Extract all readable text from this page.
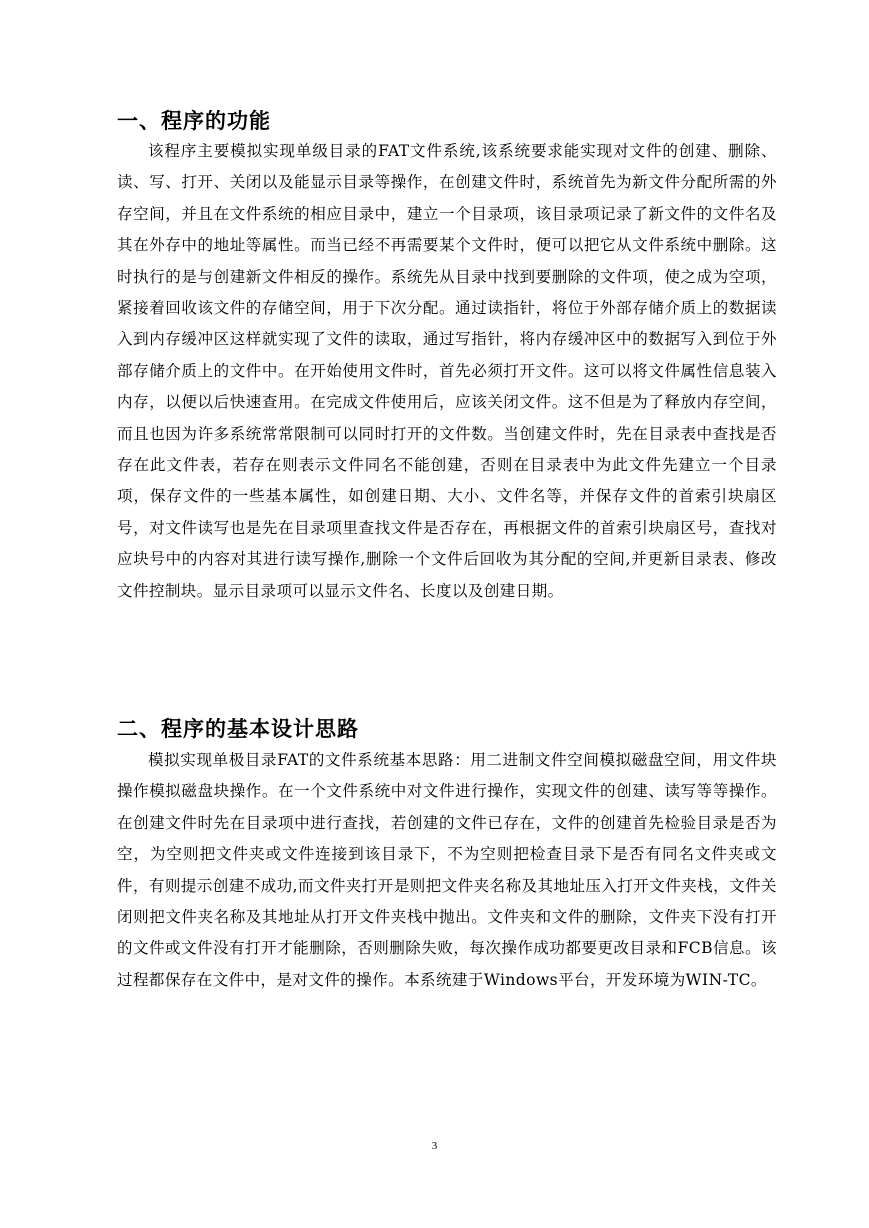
一、程序的功能

该程序主要模拟实现单级目录的FAT文件系统,该系统要求能实现对文件的创建、删除、读、写、打开、关闭以及能显示目录等操作，在创建文件时，系统首先为新文件分配所需的外存空间，并且在文件系统的相应目录中，建立一个目录项，该目录项记录了新文件的文件名及其在外存中的地址等属性。而当已经不再需要某个文件时，便可以把它从文件系统中删除。这时执行的是与创建新文件相反的操作。系统先从目录中找到要删除的文件项，使之成为空项，紧接着回收该文件的存储空间，用于下次分配。通过读指针，将位于外部存储介质上的数据读入到内存缓冲区这样就实现了文件的读取，通过写指针，将内存缓冲区中的数据写入到位于外部存储介质上的文件中。在开始使用文件时，首先必须打开文件。这可以将文件属性信息装入内存，以便以后快速查用。在完成文件使用后，应该关闭文件。这不但是为了释放内存空间，而且也因为许多系统常常限制可以同时打开的文件数。当创建文件时，先在目录表中查找是否存在此文件表，若存在则表示文件同名不能创建，否则在目录表中为此文件先建立一个目录项，保存文件的一些基本属性，如创建日期、大小、文件名等，并保存文件的首索引块扇区号，对文件读写也是先在目录项里查找文件是否存在，再根据文件的首索引块扇区号，查找对应块号中的内容对其进行读写操作,删除一个文件后回收为其分配的空间,并更新目录表、修改文件控制块。显示目录项可以显示文件名、长度以及创建日期。

二、程序的基本设计思路

模拟实现单极目录FAT的文件系统基本思路：用二进制文件空间模拟磁盘空间，用文件块操作模拟磁盘块操作。在一个文件系统中对文件进行操作，实现文件的创建、读写等等操作。在创建文件时先在目录项中进行查找，若创建的文件已存在，文件的创建首先检验目录是否为空，为空则把文件夹或文件连接到该目录下，不为空则把检查目录下是否有同名文件夹或文件，有则提示创建不成功,而文件夹打开是则把文件夹名称及其地址压入打开文件夹栈，文件关闭则把文件夹名称及其地址从打开文件夹栈中抛出。文件夹和文件的删除，文件夹下没有打开的文件或文件没有打开才能删除，否则删除失败，每次操作成功都要更改目录和FCB信息。该过程都保存在文件中，是对文件的操作。本系统建于Windows平台，开发环境为WIN-TC。

3
